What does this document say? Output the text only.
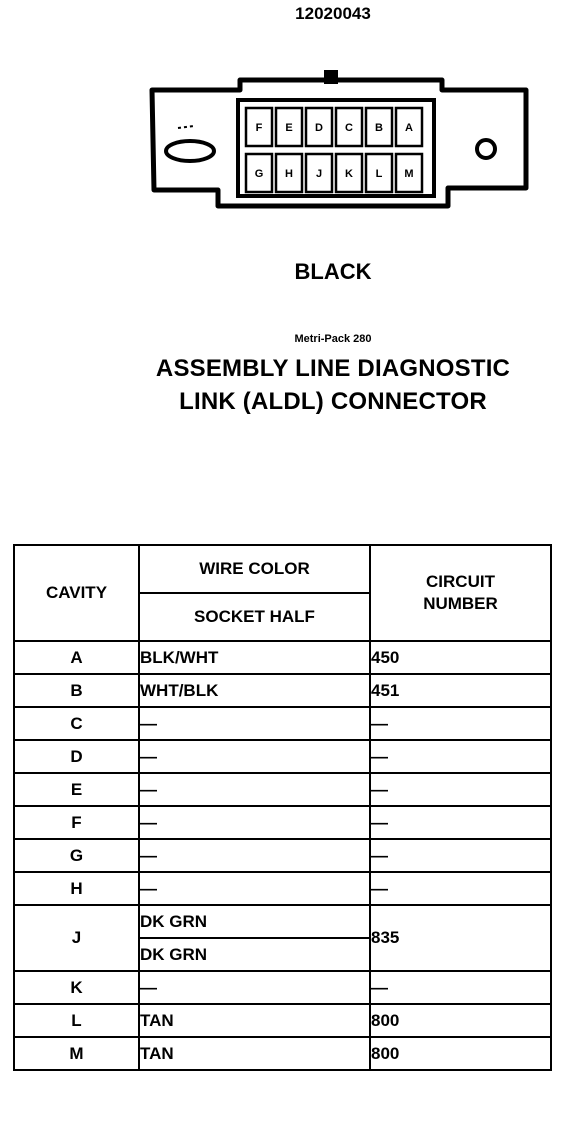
12020043
F E D C B A
G H J K L M
BLACK
Metri-Pack 280
ASSEMBLY LINE DIAGNOSTIC
LINK (ALDL) CONNECTOR
CAVITY	WIRE COLOR	CIRCUIT
NUMBER

	SOCKET HALF	
A	BLK/WHT	450
B	WHT/BLK	451
C	—	—
D	—	—
E	—	—
F	—	—
G	—	—
H	—	—
J	DK GRN	835
	DK GRN	
K	—	—
L	TAN	800
M	TAN	800
